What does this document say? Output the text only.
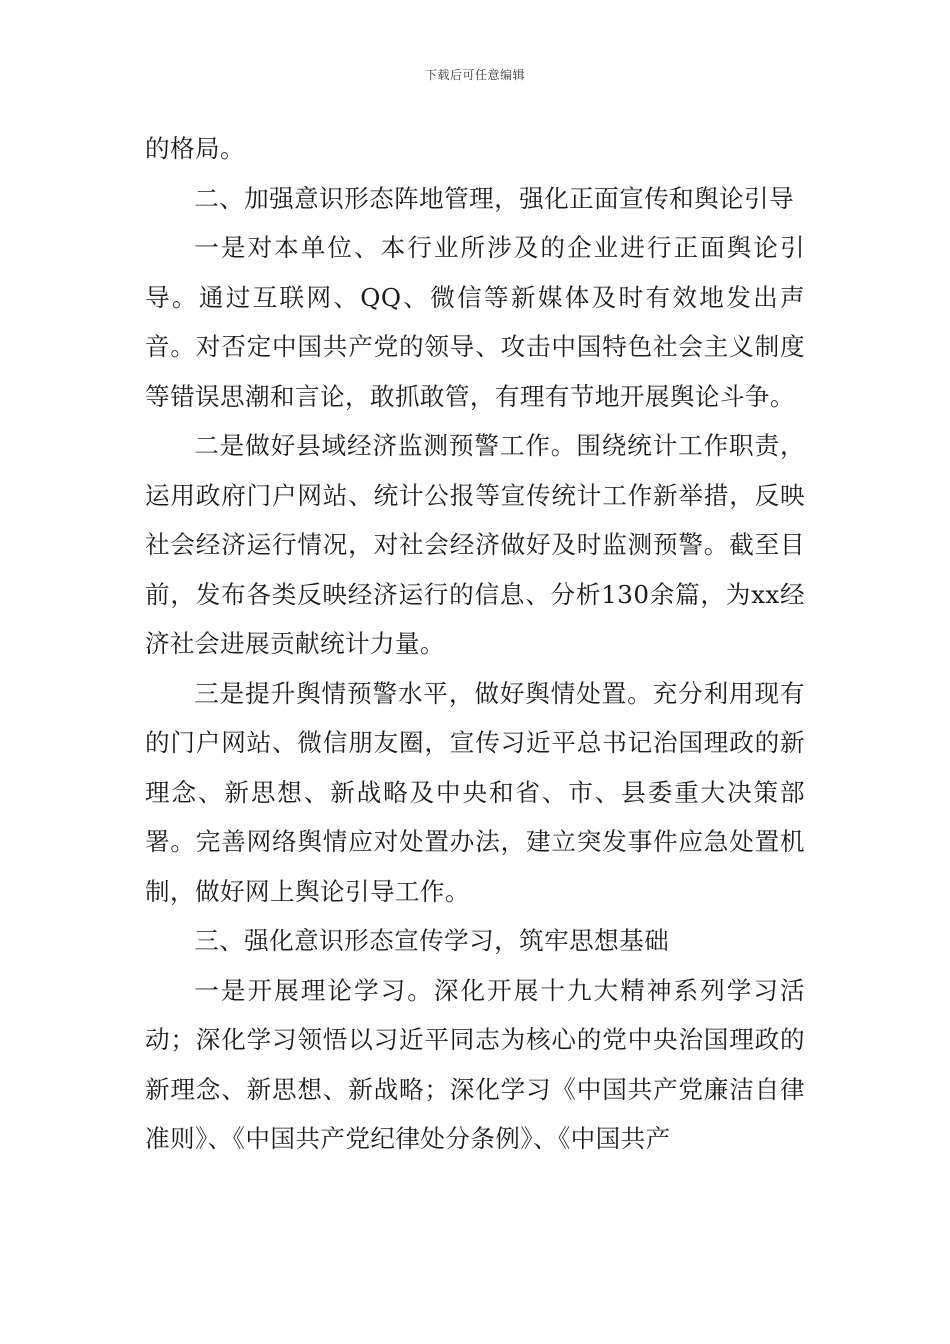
下载后可任意编辑

的格局。

二、加强意识形态阵地管理，强化正面宣传和舆论引导

一是对本单位、本行业所涉及的企业进行正面舆论引导。通过互联网、QQ、微信等新媒体及时有效地发出声音。对否定中国共产党的领导、攻击中国特色社会主义制度等错误思潮和言论，敢抓敢管，有理有节地开展舆论斗争。

二是做好县域经济监测预警工作。围绕统计工作职责，运用政府门户网站、统计公报等宣传统计工作新举措，反映社会经济运行情况，对社会经济做好及时监测预警。截至目前，发布各类反映经济运行的信息、分析130余篇，为xx经济社会进展贡献统计力量。

三是提升舆情预警水平，做好舆情处置。充分利用现有的门户网站、微信朋友圈，宣传习近平总书记治国理政的新理念、新思想、新战略及中央和省、市、县委重大决策部署。完善网络舆情应对处置办法，建立突发事件应急处置机制，做好网上舆论引导工作。

三、强化意识形态宣传学习，筑牢思想基础

一是开展理论学习。深化开展十九大精神系列学习活动；深化学习领悟以习近平同志为核心的党中央治国理政的新理念、新思想、新战略；深化学习《中国共产党廉洁自律准则》、《中国共产党纪律处分条例》、《中国共产
